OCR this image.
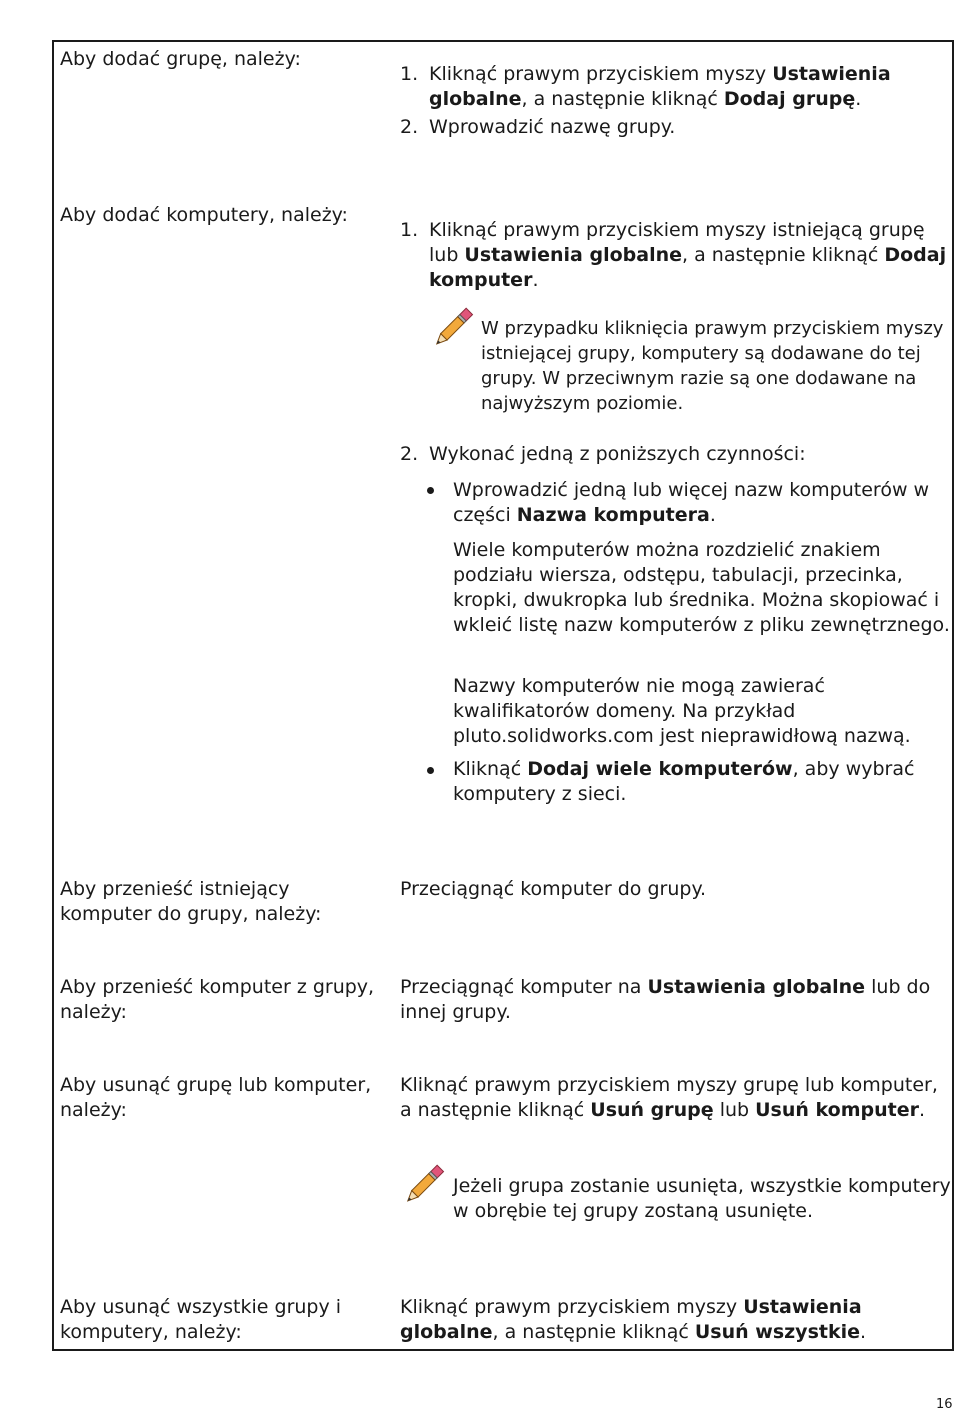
Aby dodać grupę, należy:
1. Kliknąć prawym przyciskiem myszy Ustawienia globalne, a następnie kliknąć Dodaj grupę.
2. Wprowadzić nazwę grupy.
Aby dodać komputery, należy:
1. Kliknąć prawym przyciskiem myszy istniejącą grupę lub Ustawienia globalne, a następnie kliknąć Dodaj komputer.
W przypadku kliknięcia prawym przyciskiem myszy istniejącej grupy, komputery są dodawane do tej grupy. W przeciwnym razie są one dodawane na najwyższym poziomie.
2. Wykonać jedną z poniższych czynności:
Wprowadzić jedną lub więcej nazw komputerów w części Nazwa komputera.
Wiele komputerów można rozdzielić znakiem podziału wiersza, odstępu, tabulacji, przecinka, kropki, dwukropka lub średnika. Można skopiować i wkleić listę nazw komputerów z pliku zewnętrznego.
Nazwy komputerów nie mogą zawierać kwalifikatorów domeny. Na przykład pluto.solidworks.com jest nieprawidłową nazwą.
Kliknąć Dodaj wiele komputerów, aby wybrać komputery z sieci.
Aby przenieść istniejący komputer do grupy, należy:
Przeciągnąć komputer do grupy.
Aby przenieść komputer z grupy, należy:
Przeciągnąć komputer na Ustawienia globalne lub do innej grupy.
Aby usunąć grupę lub komputer, należy:
Kliknąć prawym przyciskiem myszy grupę lub komputer, a następnie kliknąć Usuń grupę lub Usuń komputer.
Jeżeli grupa zostanie usunięta, wszystkie komputery w obrębie tej grupy zostaną usunięte.
Aby usunąć wszystkie grupy i komputery, należy:
Kliknąć prawym przyciskiem myszy Ustawienia globalne, a następnie kliknąć Usuń wszystkie.
16
